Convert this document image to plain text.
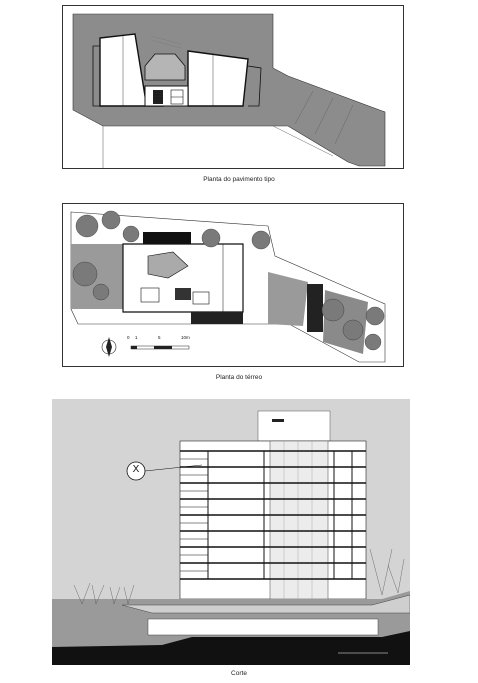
Planta do pavimento tipo
0 1	5	10m
Planta do térreo
X
Corte
